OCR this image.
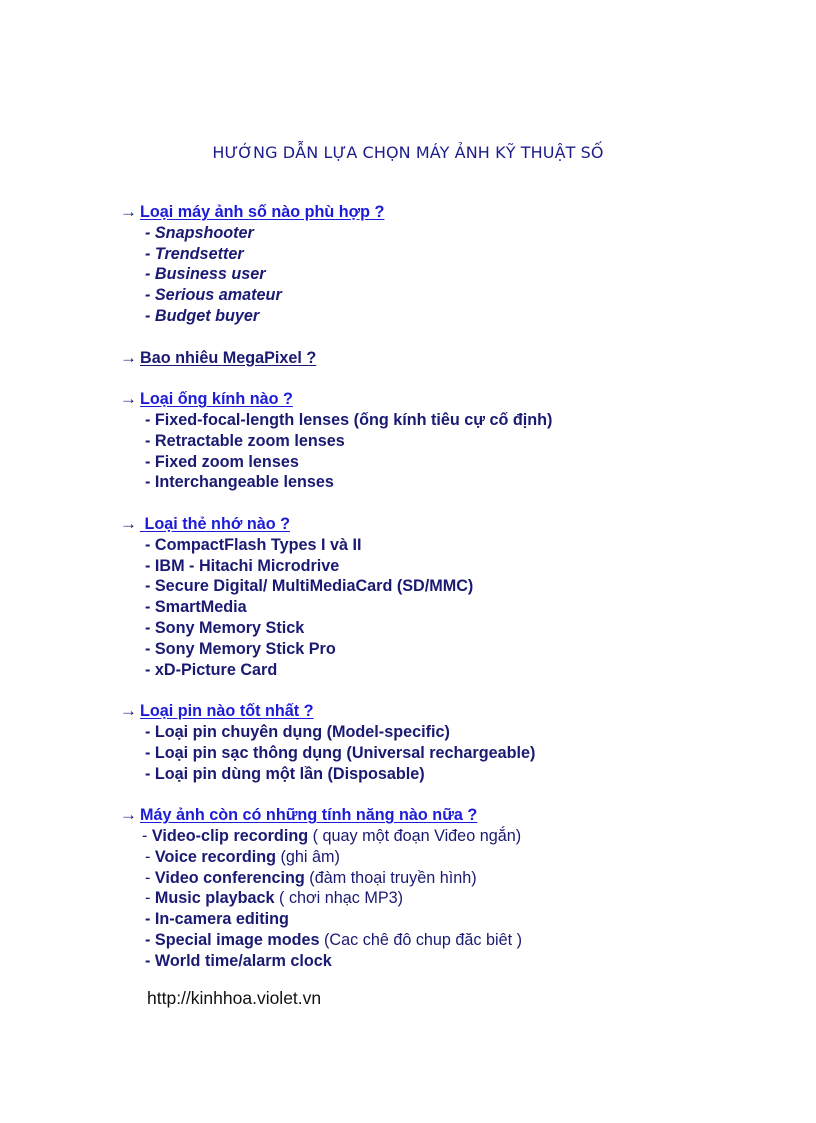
HƯỚNG DẪN LỰA CHỌN MÁY ẢNH KỸ THUẬT SỐ
→ Loại máy ảnh số nào phù hợp ?
- Snapshooter
- Trendsetter
- Business user
- Serious amateur
- Budget buyer
→ Bao nhiêu MegaPixel ?
→ Loại ống kính nào ?
- Fixed-focal-length lenses (ống kính tiêu cự cố định)
- Retractable zoom lenses
- Fixed zoom lenses
- Interchangeable lenses
→ Loại thẻ nhớ nào ?
- CompactFlash Types I và II
- IBM - Hitachi Microdrive
- Secure Digital/ MultiMediaCard (SD/MMC)
- SmartMedia
- Sony Memory Stick
- Sony Memory Stick Pro
- xD-Picture Card
→ Loại pin nào tốt nhất ?
- Loại pin chuyên dụng (Model-specific)
- Loại pin sạc thông dụng (Universal rechargeable)
- Loại pin dùng một lần (Disposable)
→ Máy ảnh còn có những tính năng nào nữa ?
- Video-clip recording ( quay một đoạn Viđeo ngắn)
- Voice recording (ghi âm)
- Video conferencing (đàm thoại truyền hình)
- Music playback ( chơi nhạc MP3)
- In-camera editing
- Special image modes (Cac chê đô chup đăc biêt )
- World time/alarm clock
http://kinhhoa.violet.vn
